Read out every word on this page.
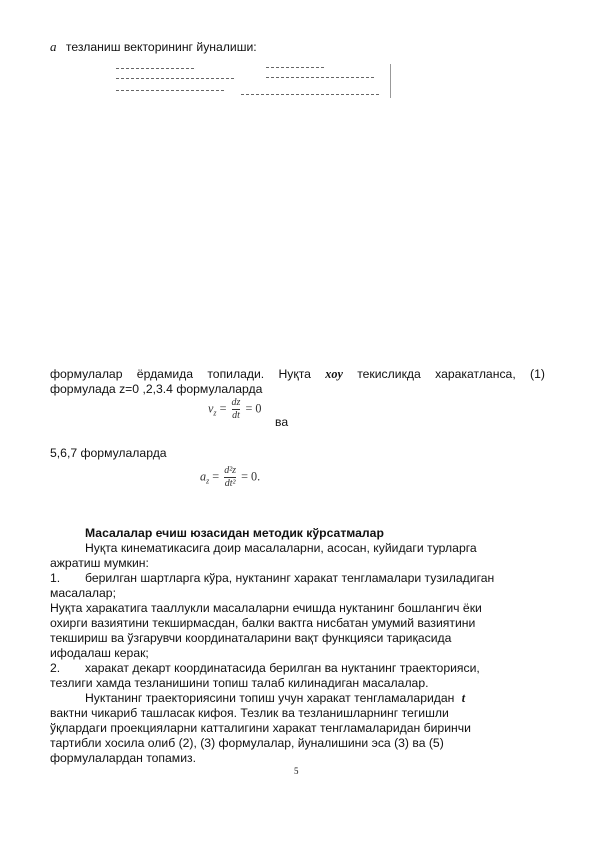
a тезланиш векторининг йуналиши:
формулалар ёрдамида топилади. Нуқта xoy текисликда харакатланса, (1)
формулада z=0 ,2,3.4 формулаларда
$v_z = \frac{dz}{dt} = 0$
ва
5,6,7 формулаларда
$a_z = \frac{\text{d²z}}{\text{dt²}} = 0$.
Масалалар ечиш юзасидан методик кўрсатмалар
Нуқта кинематикасига доир масалаларни, асосан, куйидаги турларга
ажратиш мумкин:
1. берилган шартларга кўра, нуктанинг харакат тенгламалари тузиладиган
масалалар;
Нуқта харакатига тааллукли масалаларни ечишда нуктанинг бошлангич ёки
охирги вазиятини текширмасдан, балки вактга нисбатан умумий вазиятини
текшириш ва ўзгарувчи координаталарини вақт функцияси тариқасида
ифодалаш керак;
2. харакат декарт координатасида берилган ва нуктанинг траекторияси,
тезлиги хамда тезланишини топиш талаб килинадиган масалалар.
Нуктанинг траекториясини топиш учун харакат тенгламаларидан t
вактни чикариб ташласак кифоя. Тезлик ва тезланишларнинг тегишли
ўқлардаги проекцияларни катталигини харакат тенгламаларидан биринчи
тартибли хосила олиб (2), (3) формулалар, йуналишини эса (3) ва (5)
формулалардан топамиз.
5
